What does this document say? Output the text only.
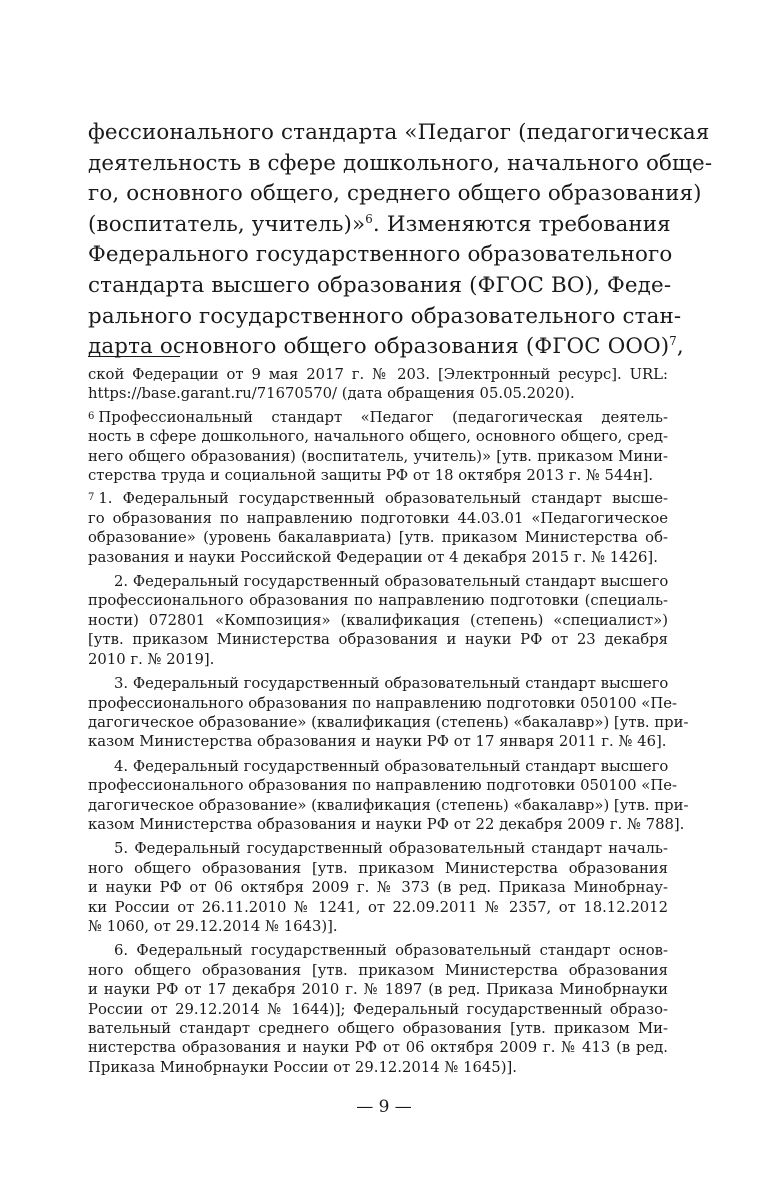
фессионального стандарта «Педагог (педагогическая
деятельность в сфере дошкольного, начального обще-
го, основного общего, среднего общего образования)
(воспитатель, учитель)»$^6$. Изменяются требования
Федерального государственного образовательного
стандарта высшего образования (ФГОС ВО), Феде-
рального государственного образовательного стан-
дарта основного общего образования (ФГОС ООО)$^7$,
ской Федерации от 9 мая 2017 г. № 203. [Электронный ресурс]. URL:
https://base.garant.ru/71670570/ (дата обращения 05.05.2020).
$^6$ Профессиональный стандарт «Педагог (педагогическая деятель-
ность в сфере дошкольного, начального общего, основного общего, сред-
него общего образования) (воспитатель, учитель)» [утв. приказом Мини-
стерства труда и социальной защиты РФ от 18 октября 2013 г. № 544н].
$^7$ 1. Федеральный государственный образовательный стандарт высше-
го образования по направлению подготовки 44.03.01 «Педагогическое
образование» (уровень бакалавриата) [утв. приказом Министерства об-
разования и науки Российской Федерации от 4 декабря 2015 г. № 1426].
2. Федеральный государственный образовательный стандарт высшего
профессионального образования по направлению подготовки (специаль-
ности) 072801 «Композиция» (квалификация (степень) «специалист»)
[утв. приказом Министерства образования и науки РФ от 23 декабря
2010 г. № 2019].
3. Федеральный государственный образовательный стандарт высшего
профессионального образования по направлению подготовки 050100 «Пе-
дагогическое образование» (квалификация (степень) «бакалавр») [утв. при-
казом Министерства образования и науки РФ от 17 января 2011 г. № 46].
4. Федеральный государственный образовательный стандарт высшего
профессионального образования по направлению подготовки 050100 «Пе-
дагогическое образование» (квалификация (степень) «бакалавр») [утв. при-
казом Министерства образования и науки РФ от 22 декабря 2009 г. № 788].
5. Федеральный государственный образовательный стандарт началь-
ного общего образования [утв. приказом Министерства образования
и науки РФ от 06 октября 2009 г. № 373 (в ред. Приказа Минобрнау-
ки России от 26.11.2010 № 1241, от 22.09.2011 № 2357, от 18.12.2012
№ 1060, от 29.12.2014 № 1643)].
6. Федеральный государственный образовательный стандарт основ-
ного общего образования [утв. приказом Министерства образования
и науки РФ от 17 декабря 2010 г. № 1897 (в ред. Приказа Минобрнауки
России от 29.12.2014 № 1644)]; Федеральный государственный образо-
вательный стандарт среднего общего образования [утв. приказом Ми-
нистерства образования и науки РФ от 06 октября 2009 г. № 413 (в ред.
Приказа Минобрнауки России от 29.12.2014 № 1645)].
— 9 —
